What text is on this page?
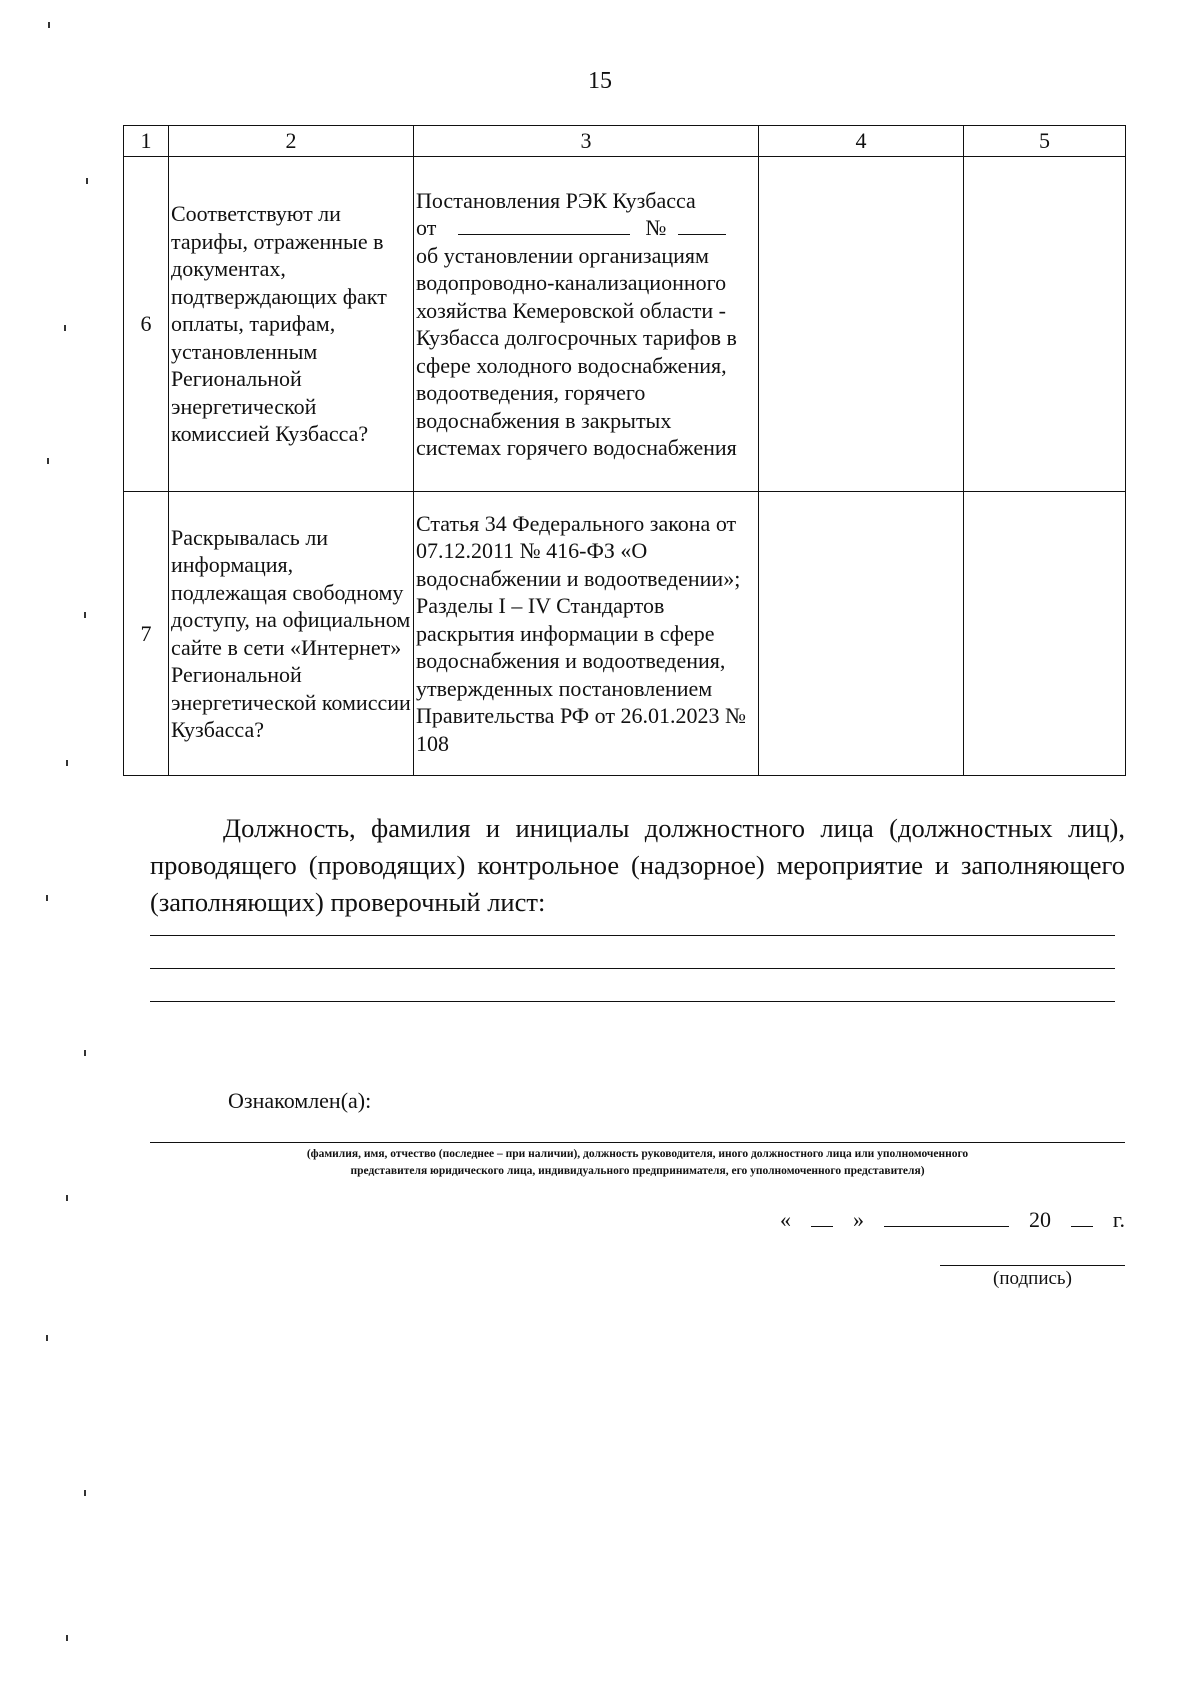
15
1	2	3	4	5
6	Соответствуют ли тарифы, отраженные в документах, подтверждающих факт оплаты, тарифам, установленным Региональной энергетической комиссией Кузбасса?	Постановления РЭК Кузбасса
от №
об установлении организациям водопроводно-канализационного хозяйства Кемеровской области - Кузбасса долгосрочных тарифов в сфере холодного водоснабжения, водоотведения, горячего водоснабжения в закрытых системах горячего водоснабжения		

7	Раскрывалась ли информация, подлежащая свободному доступу, на официальном сайте в сети «Интернет» Региональной энергетической комиссии Кузбасса?	Статья 34 Федерального закона от 07.12.2011 № 416-ФЗ «О водоснабжении и водоотведении»; Разделы I – IV Стандартов раскрытия информации в сфере водоснабжения и водоотведения, утвержденных постановлением Правительства РФ от 26.01.2023 № 108		
Должность, фамилия и инициалы должностного лица (должностных лиц), проводящего (проводящих) контрольное (надзорное) мероприятие и заполняющего (заполняющих) проверочный лист:
Ознакомлен(а):
(фамилия, имя, отчество (последнее – при наличии), должность руководителя, иного должностного лица или уполномоченного
представителя юридического лица, индивидуального предпринимателя, его уполномоченного представителя)
«	»	20	г.
(подпись)
